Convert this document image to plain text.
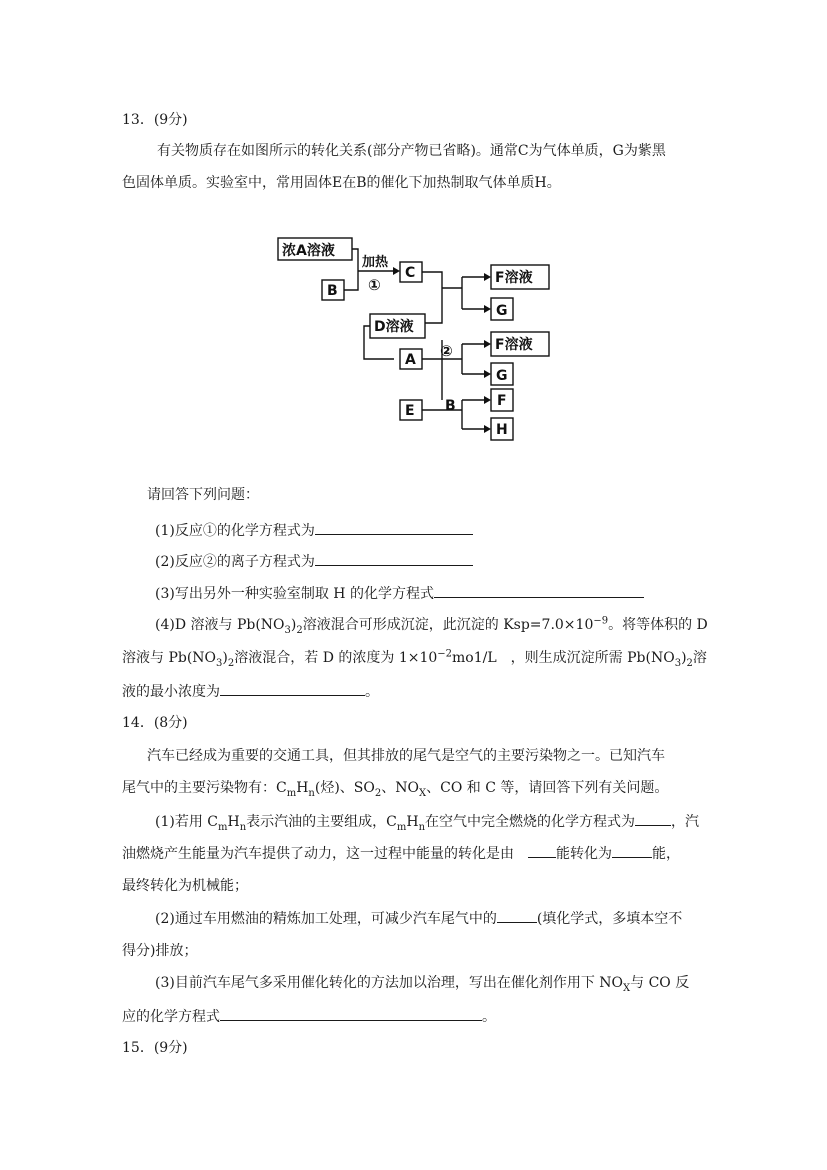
13．(9分)
有关物质存在如图所示的转化关系(部分产物已省略)。通常C为气体单质，G为紫黑
色固体单质。实验室中，常用固体E在B的催化下加热制取气体单质H。
浓A溶液
B
C	F溶液
G
D溶液
F溶液
A
G
E
F
H
加热
①
②
B
请回答下列问题：
(1)反应①的化学方程式为
(2)反应②的离子方程式为
(3)写出另外一种实验室制取 H 的化学方程式
(4)D 溶液与 $Pb(NO_3)_2$溶液混合可形成沉淀，此沉淀的 $Ksp=7.0\times 10^{-9}$。将等体积的 D
溶液与 $Pb(NO_3)_2$溶液混合，若 D 的浓度为 $1\times 10^{-2}mo1/L$　，则生成沉淀所需 $Pb(NO_3)_2$溶
液的最小浓度为	。
14．(8分)
汽车已经成为重要的交通工具，但其排放的尾气是空气的主要污染物之一。已知汽车
尾气中的主要污染物有：$C_mH_n$(烃)、$SO_2$、$NO_X$、CO 和 C 等，请回答下列有关问题。
(1)若用 $C_mH_n$表示汽油的主要组成，$C_mH_n$在空气中完全燃烧的化学方程式为	，汽
油燃烧产生能量为汽车提供了动力，这一过程中能量的转化是由 	能转化为	能，
最终转化为机械能；
(2)通过车用燃油的精炼加工处理，可减少汽车尾气中的	(填化学式，多填本空不
得分)排放；
(3)目前汽车尾气多采用催化转化的方法加以治理，写出在催化剂作用下 $NO_X$与 CO 反
应的化学方程式	。
15．(9分)
